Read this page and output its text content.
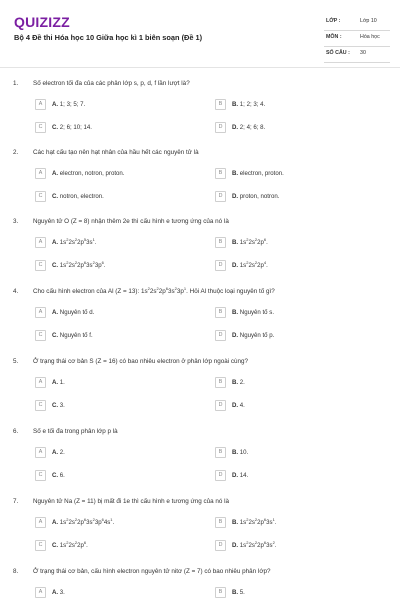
QUIZIZZ
Bộ 4 Đề thi Hóa học 10 Giữa học kì 1 biên soạn (Đề 1)
LỚP :	Lớp 10
MÔN :	Hóa học
SỐ CÂU : 30
1. Số electron tối đa của các phân lớp s, p, d, f lần lượt là?
A	A. 1; 3; 5; 7.	B	B. 1; 2; 3; 4.
C	C. 2; 6; 10; 14.	D	D. 2; 4; 6; 8.
2. Các hạt cấu tạo nên hạt nhân của hầu hết các nguyên tử là
A	A. electron, notron, proton.	B	B. electron, proton.
C	C. notron, electron.	D	D. proton, notron.
3. Nguyên tử O (Z = 8) nhận thêm 2e thì cấu hình e tương ứng của nó là
A	A. $1s^22s^22p^53s^1$.	B	B. $1s^22s^22p^6$.
C	C. $1s^22s^22p^63s^23p^6$.	D	D. $1s^22s^22p^4$.
4. Cho cấu hình electron của Al (Z = 13): $1s^22s^22p^63s^23p^1$. Hỏi Al thuộc loại nguyên tố gì?
A	A. Nguyên tố d.	B	B. Nguyên tố s.
C	C. Nguyên tố f.	D	D. Nguyên tố p.
5. Ở trạng thái cơ bản S (Z = 16) có bao nhiêu electron ở phân lớp ngoài cùng?
A	A. 1.	B	B. 2.
C	C. 3.	D	D. 4.
6. Số e tối đa trong phân lớp p là
A	A. 2.	B	B. 10.
C	C. 6.	D	D. 14.
7. Nguyên tử Na (Z = 11) bị mất đi 1e thì cấu hình e tương ứng của nó là
A	A. $1s^22s^22p^63s^23p^64s^1$.	B	B. $1s^22s^22p^63s^1$.
C	C. $1s^22s^22p^6$.	D	D. $1s^22s^22p^63s^2$.
8. Ở trạng thái cơ bản, cấu hình electron nguyên tử nitơ (Z = 7) có bao nhiêu phân lớp?
A	A. 3.	B	B. 5.
